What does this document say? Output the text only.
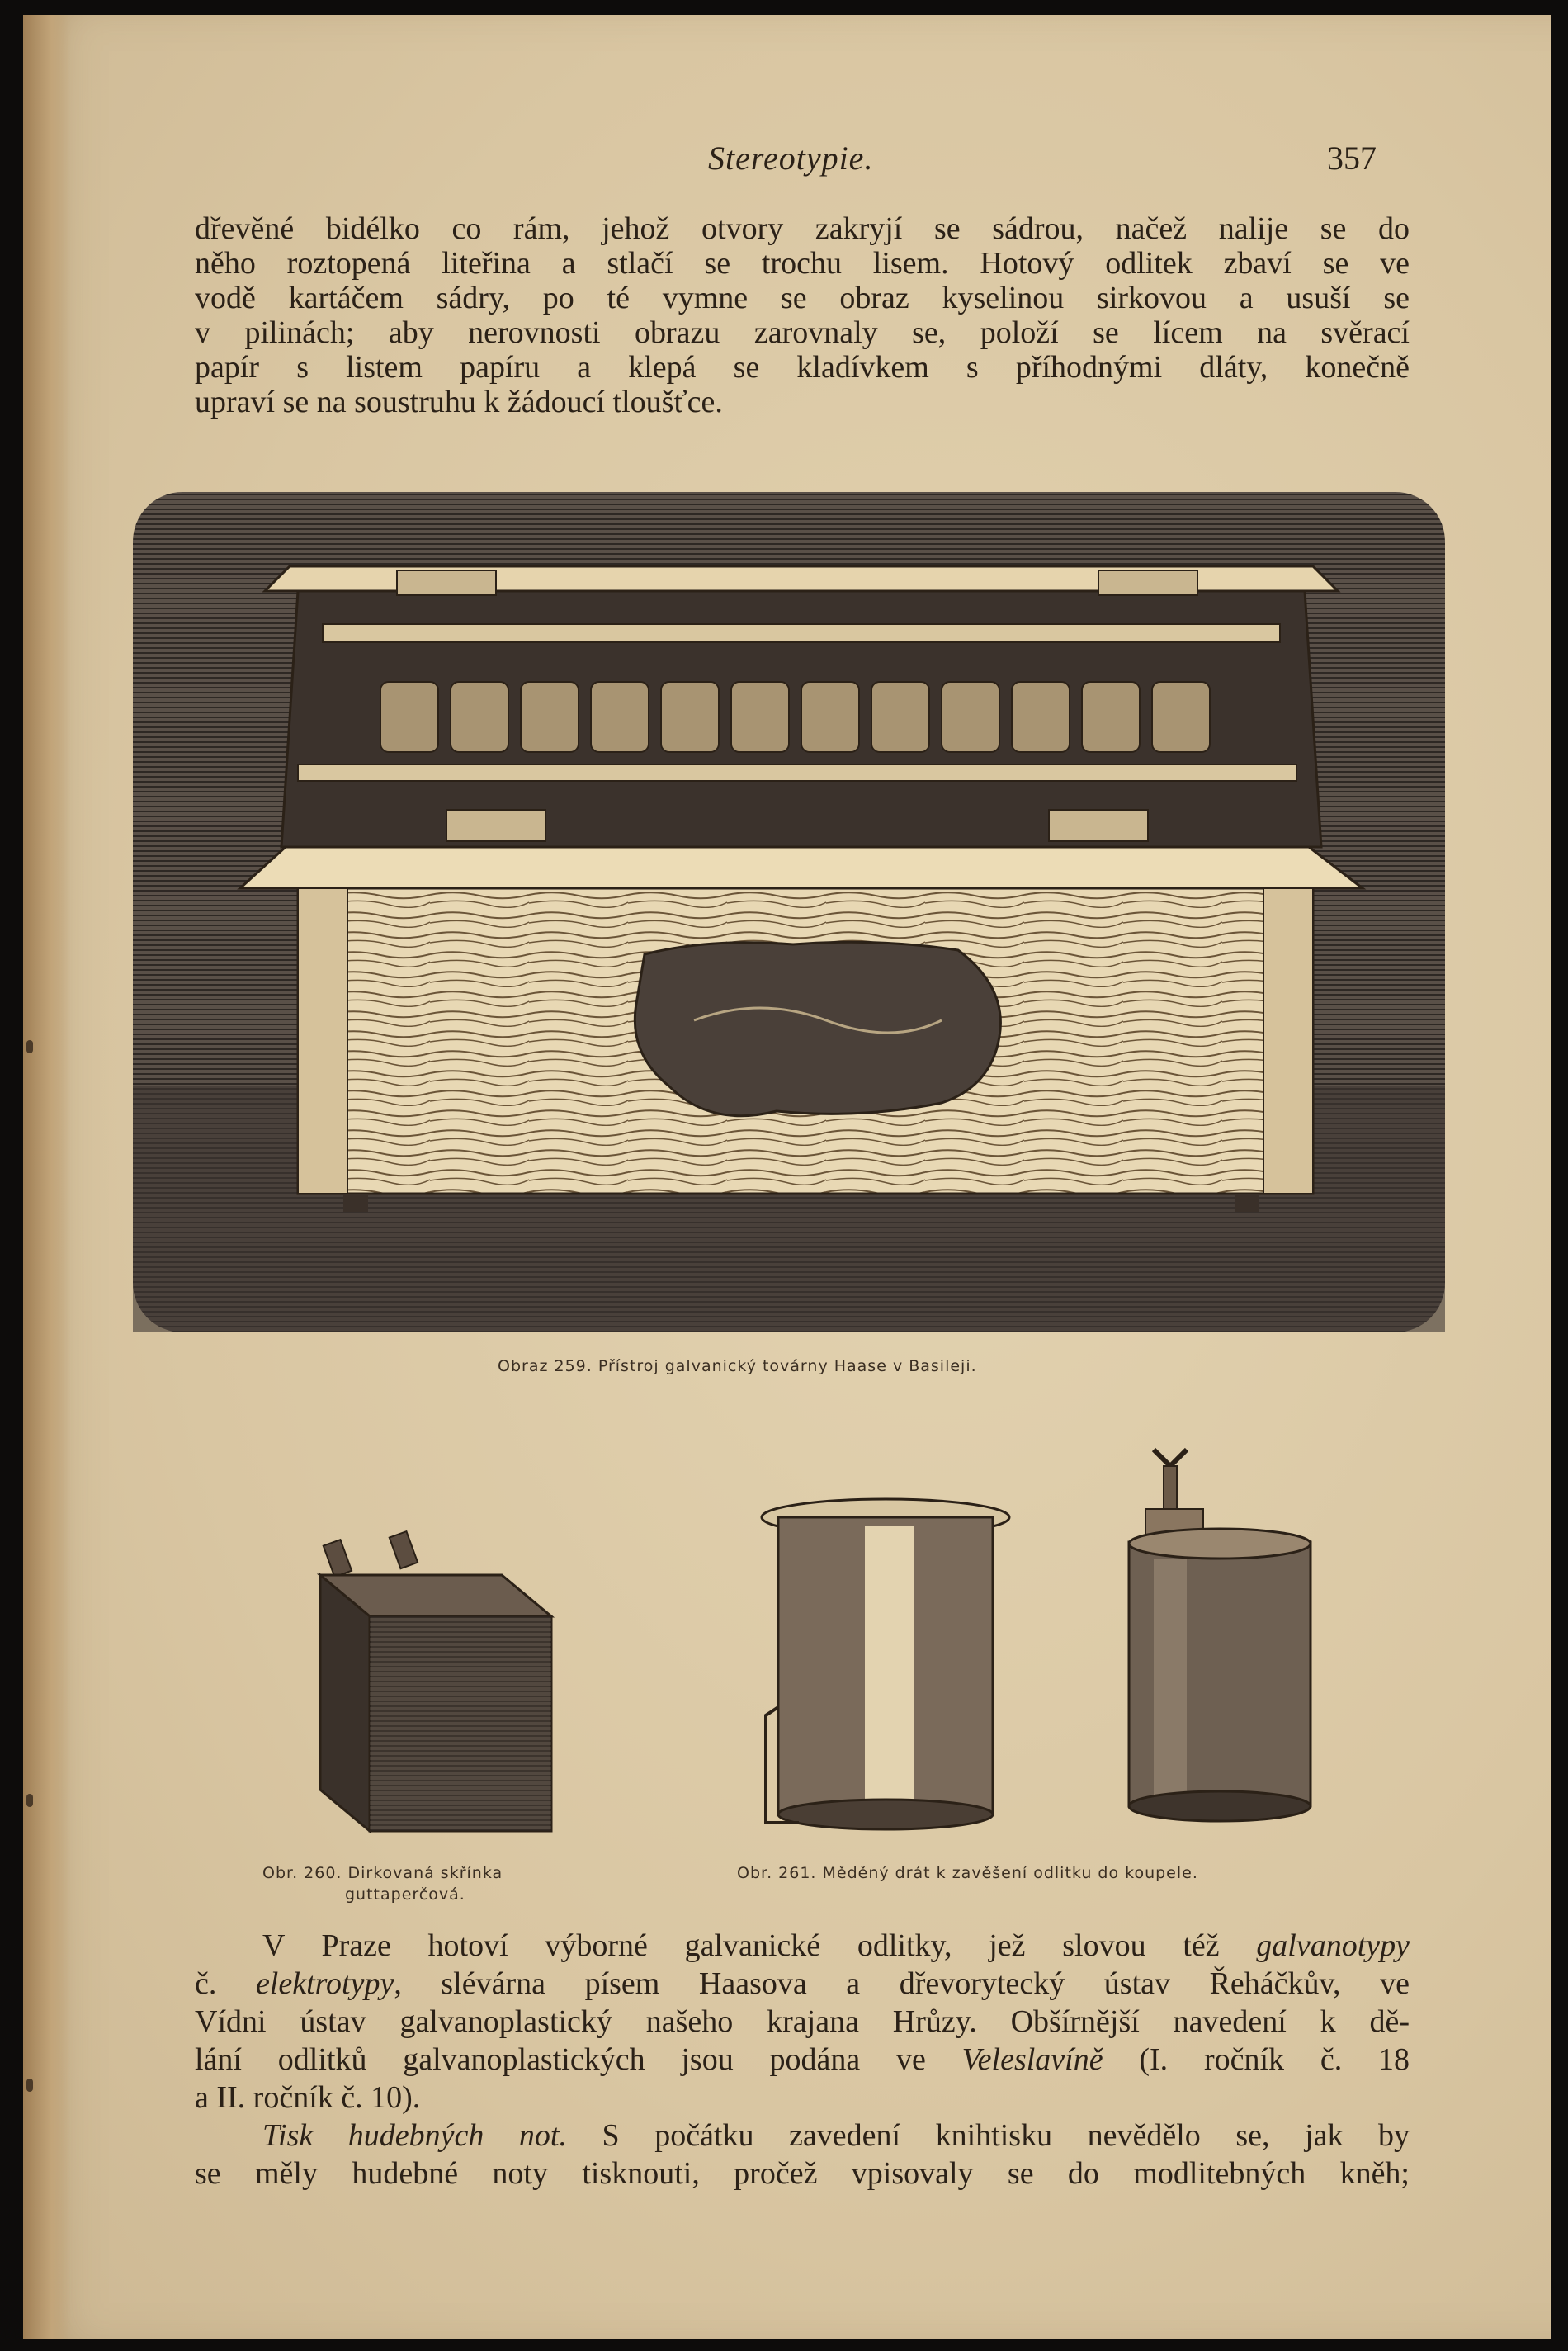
Stereotypie.	357
dřevěné bidélko co rám, jehož otvory zakryjí se sádrou, načež nalije se do
něho roztopená liteřina a stlačí se trochu lisem. Hotový odlitek zbaví se ve
vodě kartáčem sádry, po té vymne se obraz kyselinou sirkovou a usuší se
v pilinách; aby nerovnosti obrazu zarovnaly se, položí se lícem na svěrací
papír s listem papíru a klepá se kladívkem s příhodnými dláty, konečně
upraví se na soustruhu k žádoucí tloušťce.
Obraz 259. Přístroj galvanický továrny Haase v Basileji.
Obr. 260. Dirkovaná skřínka
guttaperčová.
Obr. 261. Měděný drát k zavěšení odlitku do koupele.
V Praze hotoví výborné galvanické odlitky, jež slovou též galvanotypy
č. elektrotypy, slévárna písem Haasova a dřevorytecký ústav Řeháčkův, ve
Vídni ústav galvanoplastický našeho krajana Hrůzy. Obšírnější navedení k dě-
lání odlitků galvanoplastických jsou podána ve Veleslavíně (I. ročník č. 18
a II. ročník č. 10).
Tisk hudebných not. S počátku zavedení knihtisku nevědělo se, jak by
se měly hudebné noty tisknouti, pročež vpisovaly se do modlitebných kněh;
